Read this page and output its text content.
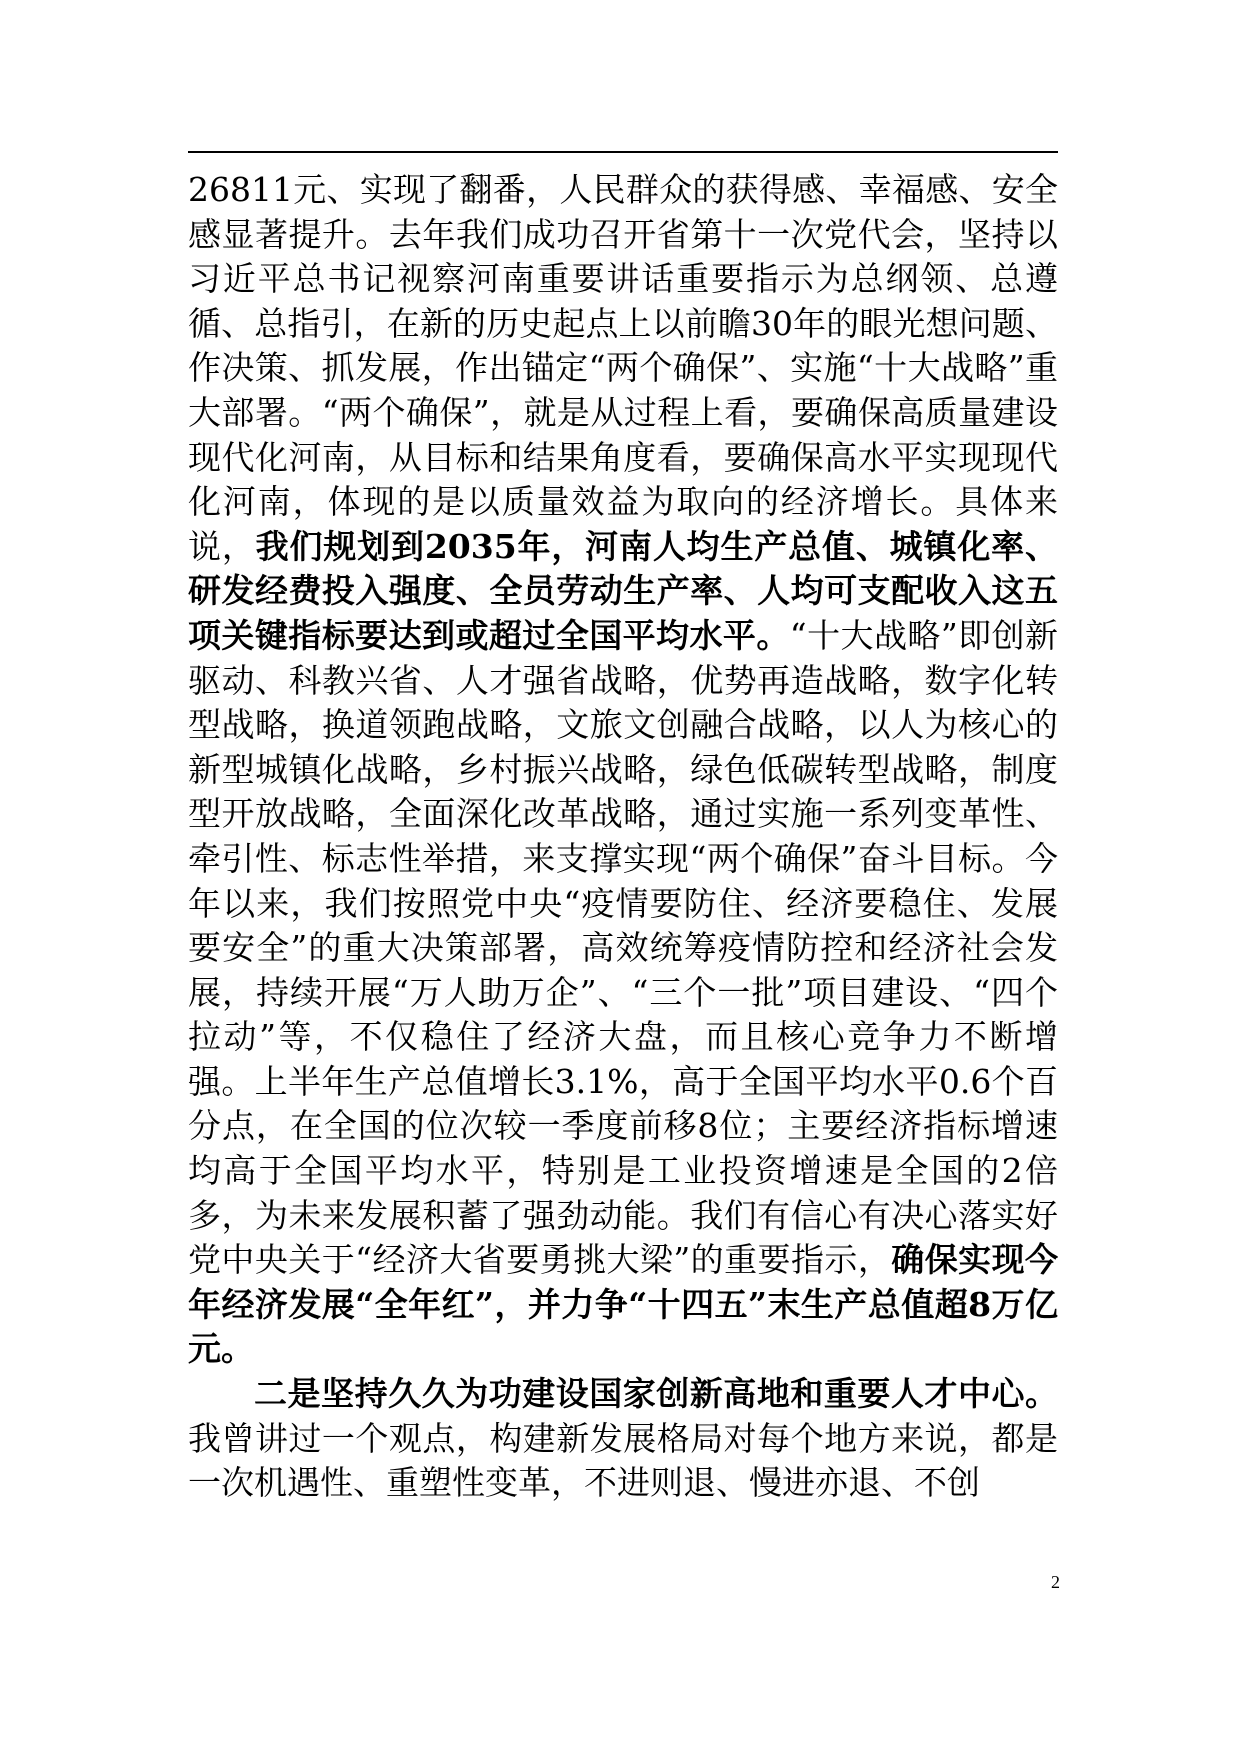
26811元、实现了翻番，人民群众的获得感、幸福感、安全感显著提升。去年我们成功召开省第十一次党代会，坚持以习近平总书记视察河南重要讲话重要指示为总纲领、总遵循、总指引，在新的历史起点上以前瞻30年的眼光想问题、作决策、抓发展，作出锚定“两个确保”、实施“十大战略”重大部署。“两个确保”，就是从过程上看，要确保高质量建设现代化河南，从目标和结果角度看，要确保高水平实现现代化河南，体现的是以质量效益为取向的经济增长。具体来说，我们规划到2035年，河南人均生产总值、城镇化率、研发经费投入强度、全员劳动生产率、人均可支配收入这五项关键指标要达到或超过全国平均水平。“十大战略”即创新驱动、科教兴省、人才强省战略，优势再造战略，数字化转型战略，换道领跑战略，文旅文创融合战略，以人为核心的新型城镇化战略，乡村振兴战略，绿色低碳转型战略，制度型开放战略，全面深化改革战略，通过实施一系列变革性、牵引性、标志性举措，来支撑实现“两个确保”奋斗目标。今年以来，我们按照党中央“疫情要防住、经济要稳住、发展要安全”的重大决策部署，高效统筹疫情防控和经济社会发展，持续开展“万人助万企”、“三个一批”项目建设、“四个拉动”等，不仅稳住了经济大盘，而且核心竞争力不断增强。上半年生产总值增长3.1%，高于全国平均水平0.6个百分点，在全国的位次较一季度前移8位；主要经济指标增速均高于全国平均水平，特别是工业投资增速是全国的2倍多，为未来发展积蓄了强劲动能。我们有信心有决心落实好党中央关于“经济大省要勇挑大梁”的重要指示，确保实现今年经济发展“全年红”，并力争“十四五”末生产总值超8万亿元。

二是坚持久久为功建设国家创新高地和重要人才中心。我曾讲过一个观点，构建新发展格局对每个地方来说，都是一次机遇性、重塑性变革，不进则退、慢进亦退、不创

2
